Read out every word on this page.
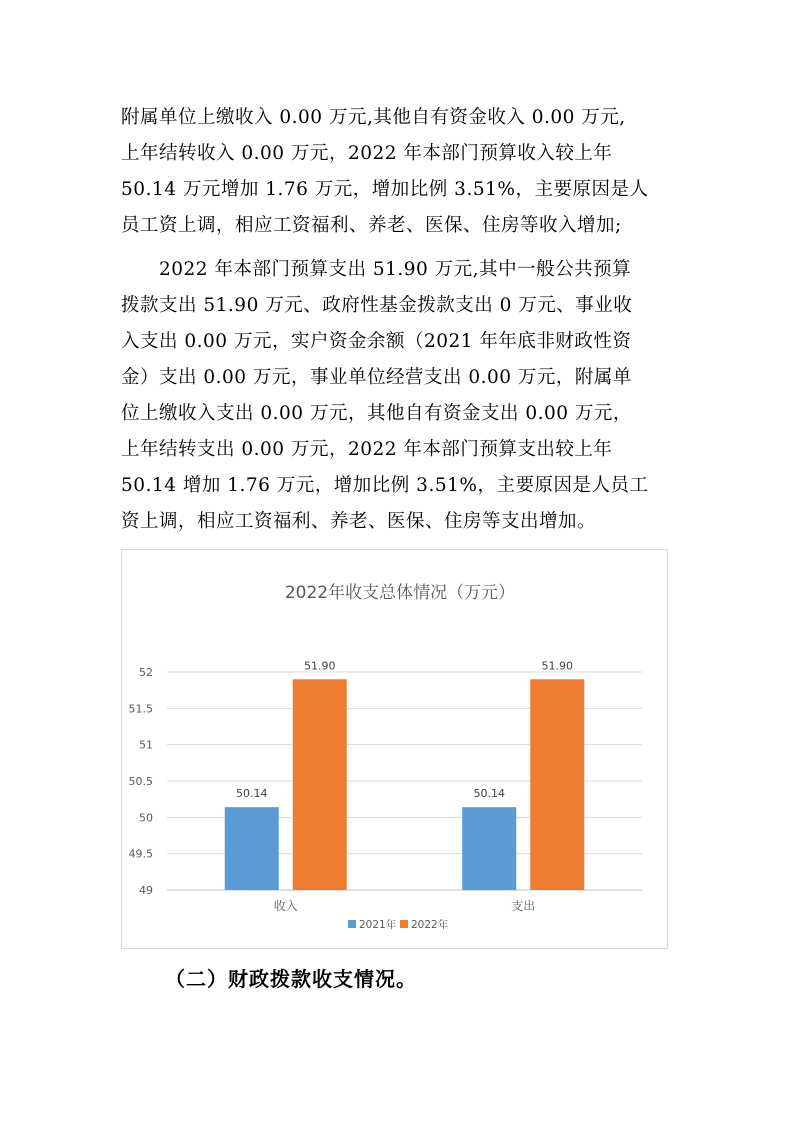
附属单位上缴收入 0.00 万元,其他自有资金收入 0.00 万元,
上年结转收入 0.00 万元，2022 年本部门预算收入较上年
50.14 万元增加 1.76 万元，增加比例 3.51%，主要原因是人
员工资上调，相应工资福利、养老、医保、住房等收入增加;

　　2022 年本部门预算支出 51.90 万元,其中一般公共预算
拨款支出 51.90 万元、政府性基金拨款支出 0 万元、事业收
入支出 0.00 万元，实户资金余额（2021 年年底非财政性资
金）支出 0.00 万元，事业单位经营支出 0.00 万元，附属单
位上缴收入支出 0.00 万元，其他自有资金支出 0.00 万元，
上年结转支出 0.00 万元，2022 年本部门预算支出较上年
50.14 增加 1.76 万元，增加比例 3.51%，主要原因是人员工
资上调，相应工资福利、养老、医保、住房等支出增加。

2022年收支总体情况（万元）
49
49.5
50
50.5
51
51.5
52
50.14
51.90
50.14
51.90
收入	支出
2021年 2022年

（二）财政拨款收支情况。
